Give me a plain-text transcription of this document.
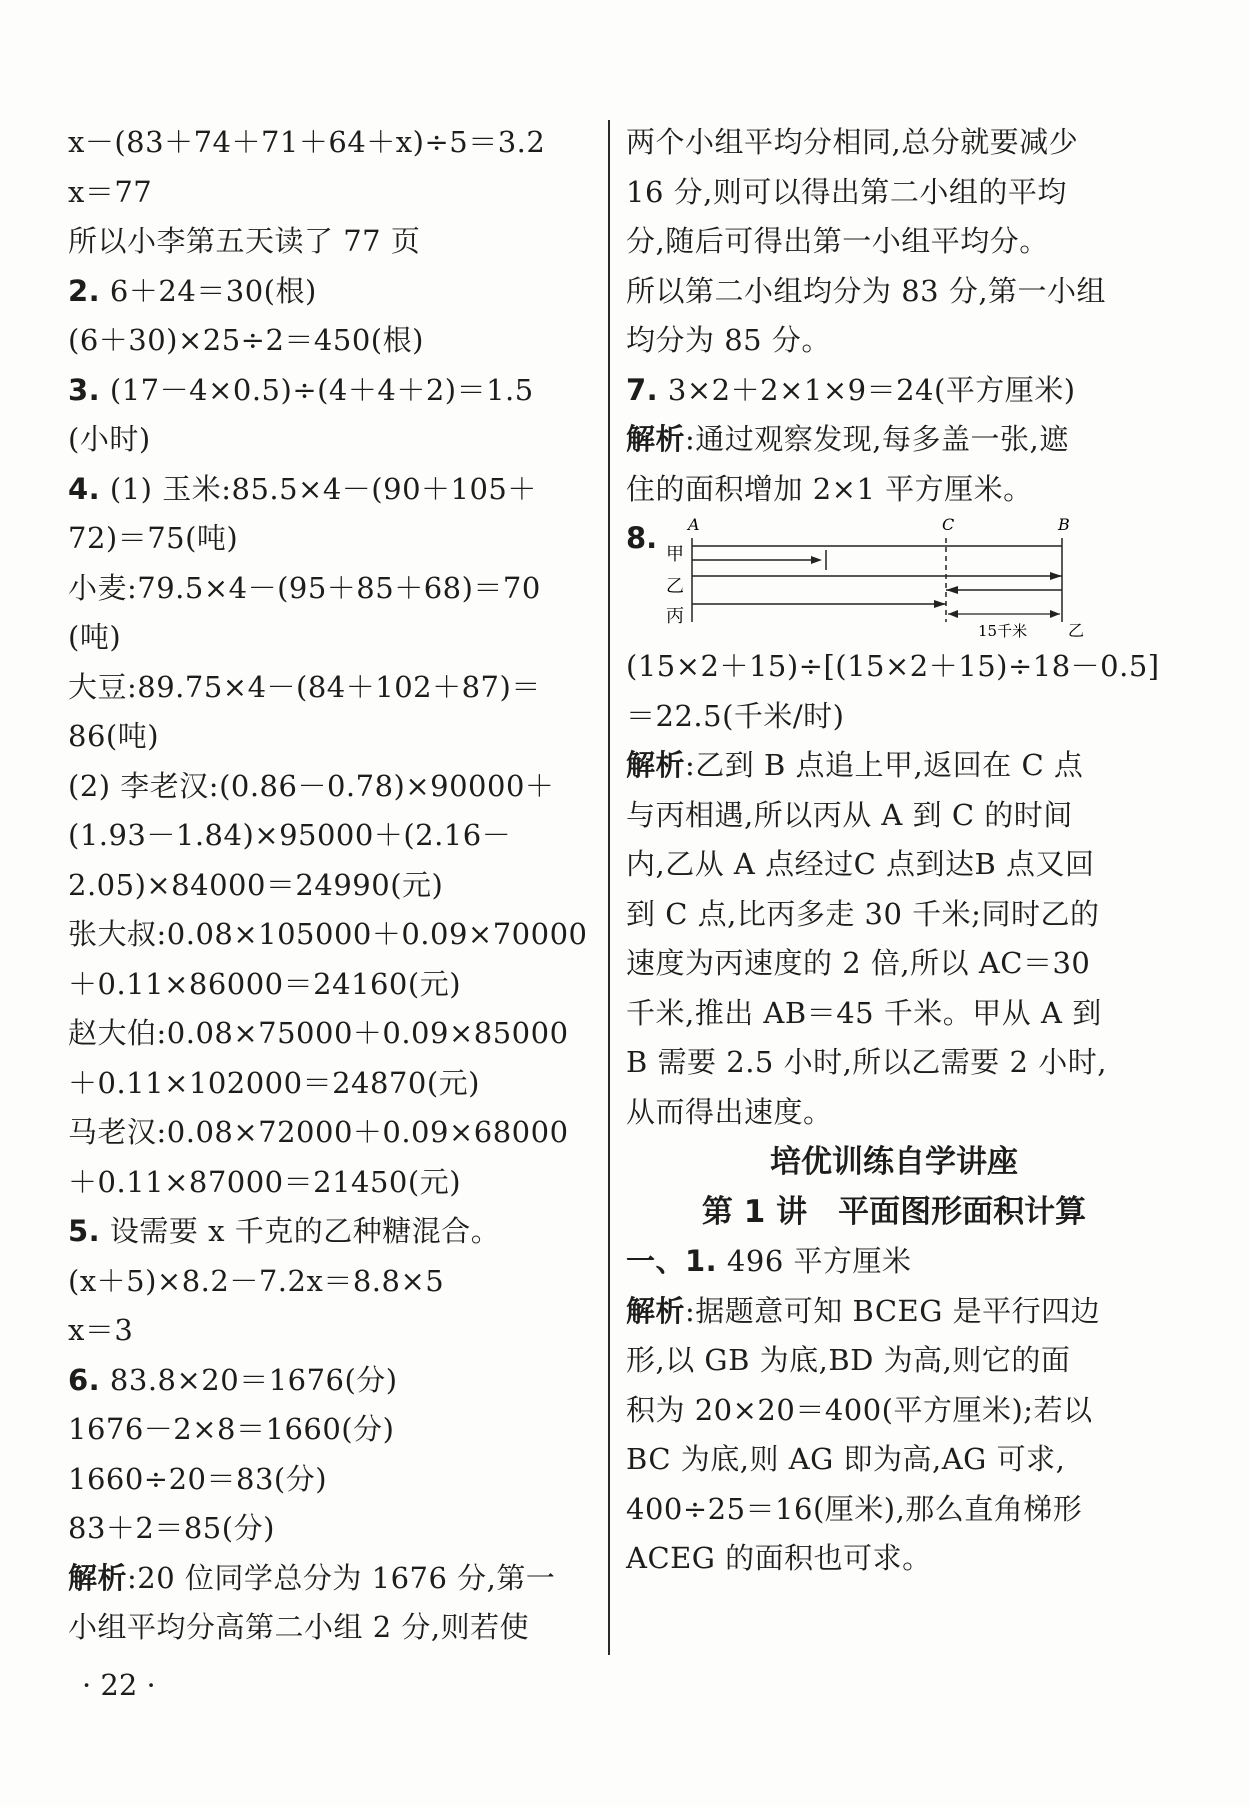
x－(83＋74＋71＋64＋x)÷5＝3.2
x＝77
所以小李第五天读了 77 页
2. 6＋24＝30(根)
(6＋30)×25÷2＝450(根)
3. (17－4×0.5)÷(4＋4＋2)＝1.5
(小时)
4. (1) 玉米:85.5×4－(90＋105＋
72)＝75(吨)
小麦:79.5×4－(95＋85＋68)＝70
(吨)
大豆:89.75×4－(84＋102＋87)＝
86(吨)
(2) 李老汉:(0.86－0.78)×90000＋
(1.93－1.84)×95000＋(2.16－
2.05)×84000＝24990(元)
张大叔:0.08×105000＋0.09×70000
＋0.11×86000＝24160(元)
赵大伯:0.08×75000＋0.09×85000
＋0.11×102000＝24870(元)
马老汉:0.08×72000＋0.09×68000
＋0.11×87000＝21450(元)
5. 设需要 x 千克的乙种糖混合。
(x＋5)×8.2－7.2x＝8.8×5
x＝3
6. 83.8×20＝1676(分)
1676－2×8＝1660(分)
1660÷20＝83(分)
83＋2＝85(分)
解析:20 位同学总分为 1676 分,第一
小组平均分高第二小组 2 分,则若使
两个小组平均分相同,总分就要减少
16 分,则可以得出第二小组的平均
分,随后可得出第一小组平均分。
所以第二小组均分为 83 分,第一小组
均分为 85 分。
7. 3×2＋2×1×9＝24(平方厘米)
解析:通过观察发现,每多盖一张,遮
住的面积增加 2×1 平方厘米。
8. A	C	B
甲
乙
丙
15千米	乙
(15×2＋15)÷[(15×2＋15)÷18－0.5]
＝22.5(千米/时)
解析:乙到 B 点追上甲,返回在 C 点
与丙相遇,所以丙从 A 到 C 的时间
内,乙从 A 点经过C 点到达B 点又回
到 C 点,比丙多走 30 千米;同时乙的
速度为丙速度的 2 倍,所以 AC＝30
千米,推出 AB＝45 千米。甲从 A 到
B 需要 2.5 小时,所以乙需要 2 小时,
从而得出速度。
培优训练自学讲座
第 1 讲　平面图形面积计算
一、1. 496 平方厘米
解析:据题意可知 BCEG 是平行四边
形,以 GB 为底,BD 为高,则它的面
积为 20×20＝400(平方厘米);若以
BC 为底,则 AG 即为高,AG 可求,
400÷25＝16(厘米),那么直角梯形
ACEG 的面积也可求。
· 22 ·
